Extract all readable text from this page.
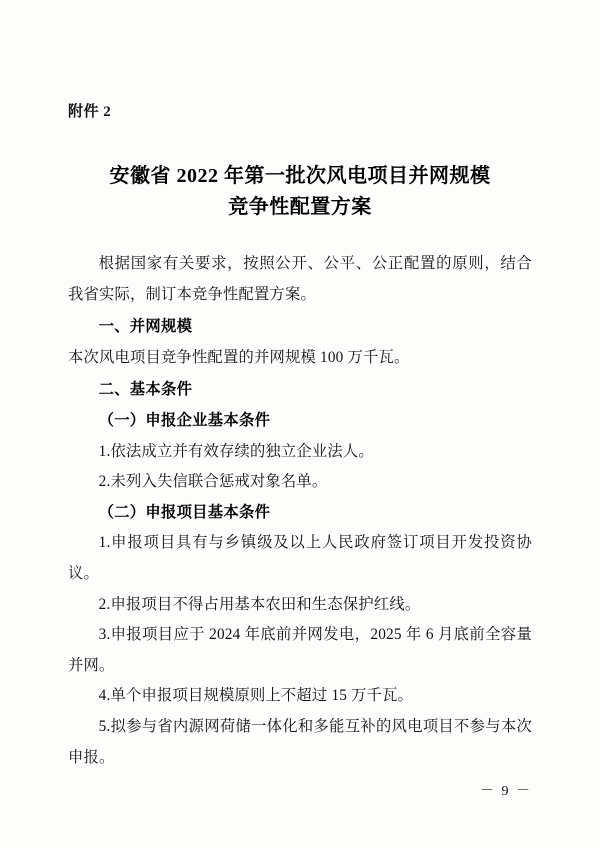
附件 2
安徽省 2022 年第一批次风电项目并网规模
竞争性配置方案

根据国家有关要求，按照公开、公平、公正配置的原则，结合我省实际，制订本竞争性配置方案。

一、并网规模

本次风电项目竞争性配置的并网规模 100 万千瓦。

二、基本条件

（一）申报企业基本条件

1.依法成立并有效存续的独立企业法人。

2.未列入失信联合惩戒对象名单。

（二）申报项目基本条件

1.申报项目具有与乡镇级及以上人民政府签订项目开发投资协议。

2.申报项目不得占用基本农田和生态保护红线。

3.申报项目应于 2024 年底前并网发电，2025 年 6 月底前全容量并网。

4.单个申报项目规模原则上不超过 15 万千瓦。

5.拟参与省内源网荷储一体化和多能互补的风电项目不参与本次申报。

－ 9 －
